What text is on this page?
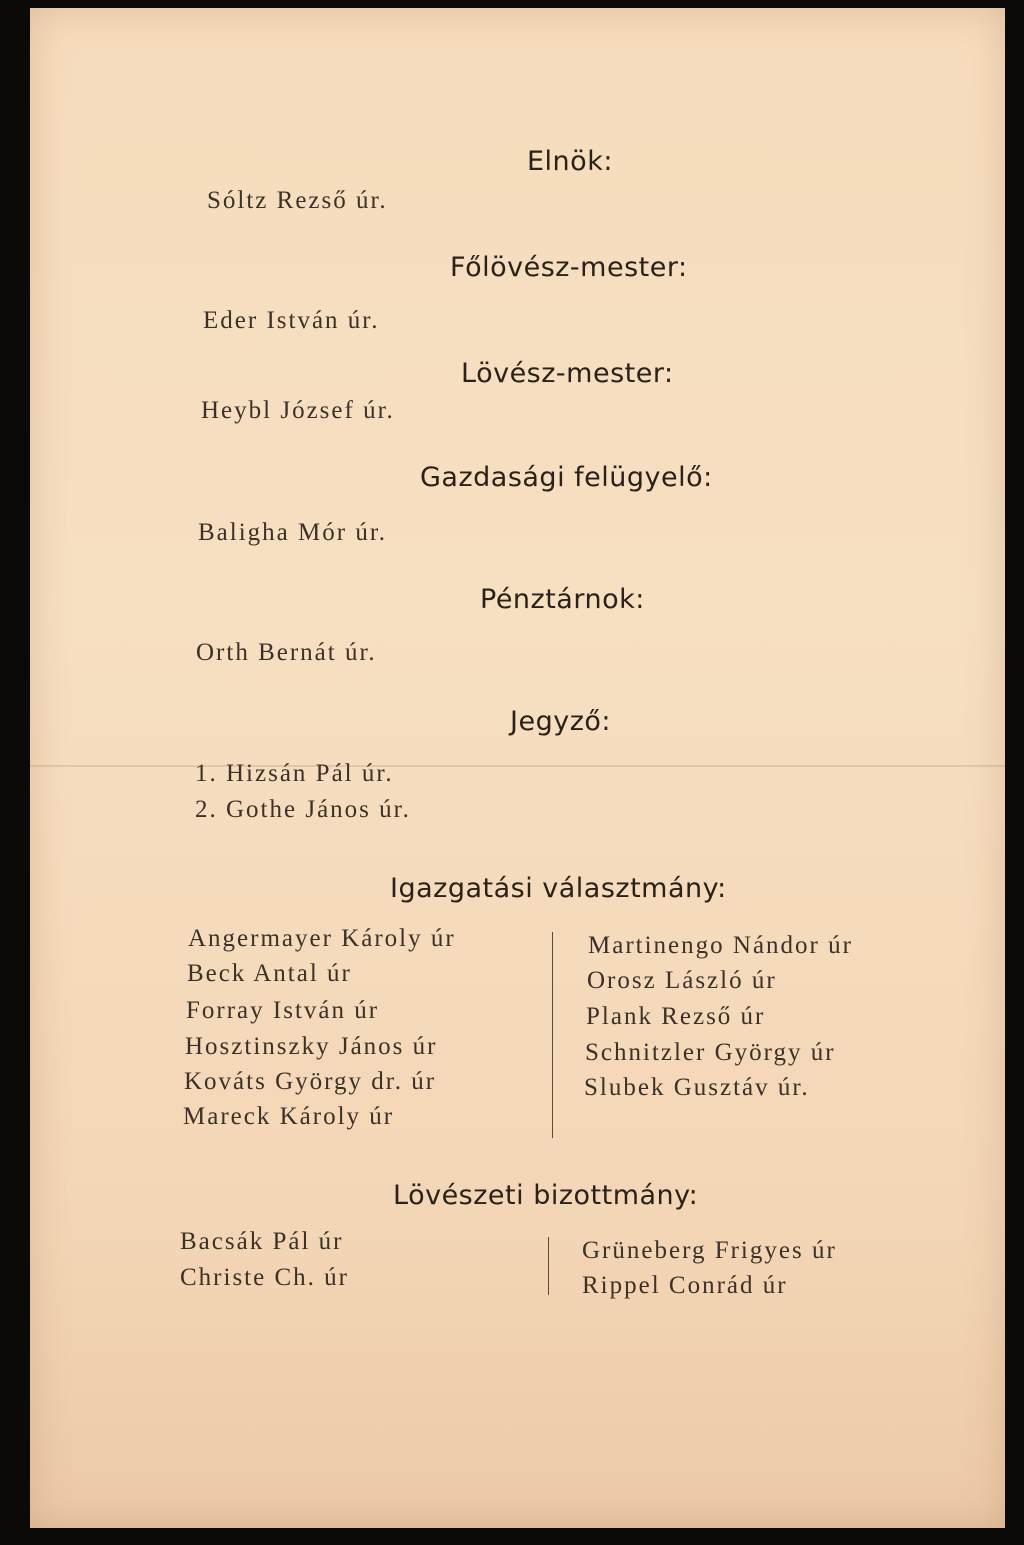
Elnök:
Sóltz Rezső úr.
Főlövész-mester:
Eder István úr.
Lövész-mester:
Heybl József úr.
Gazdasági felügyelő:
Baligha Mór úr.
Pénztárnok:
Orth Bernát úr.
Jegyző:
1. Hizsán Pál úr.
2. Gothe János úr.
Igazgatási választmány:
Angermayer Károly úr
Beck Antal úr
Forray István úr
Hosztinszky János úr
Kováts György dr. úr
Mareck Károly úr
Martinengo Nándor úr
Orosz László úr
Plank Rezső úr
Schnitzler György úr
Slubek Gusztáv úr.
Lövészeti bizottmány:
Bacsák Pál úr
Christe Ch. úr
Grüneberg Frigyes úr
Rippel Conrád úr
